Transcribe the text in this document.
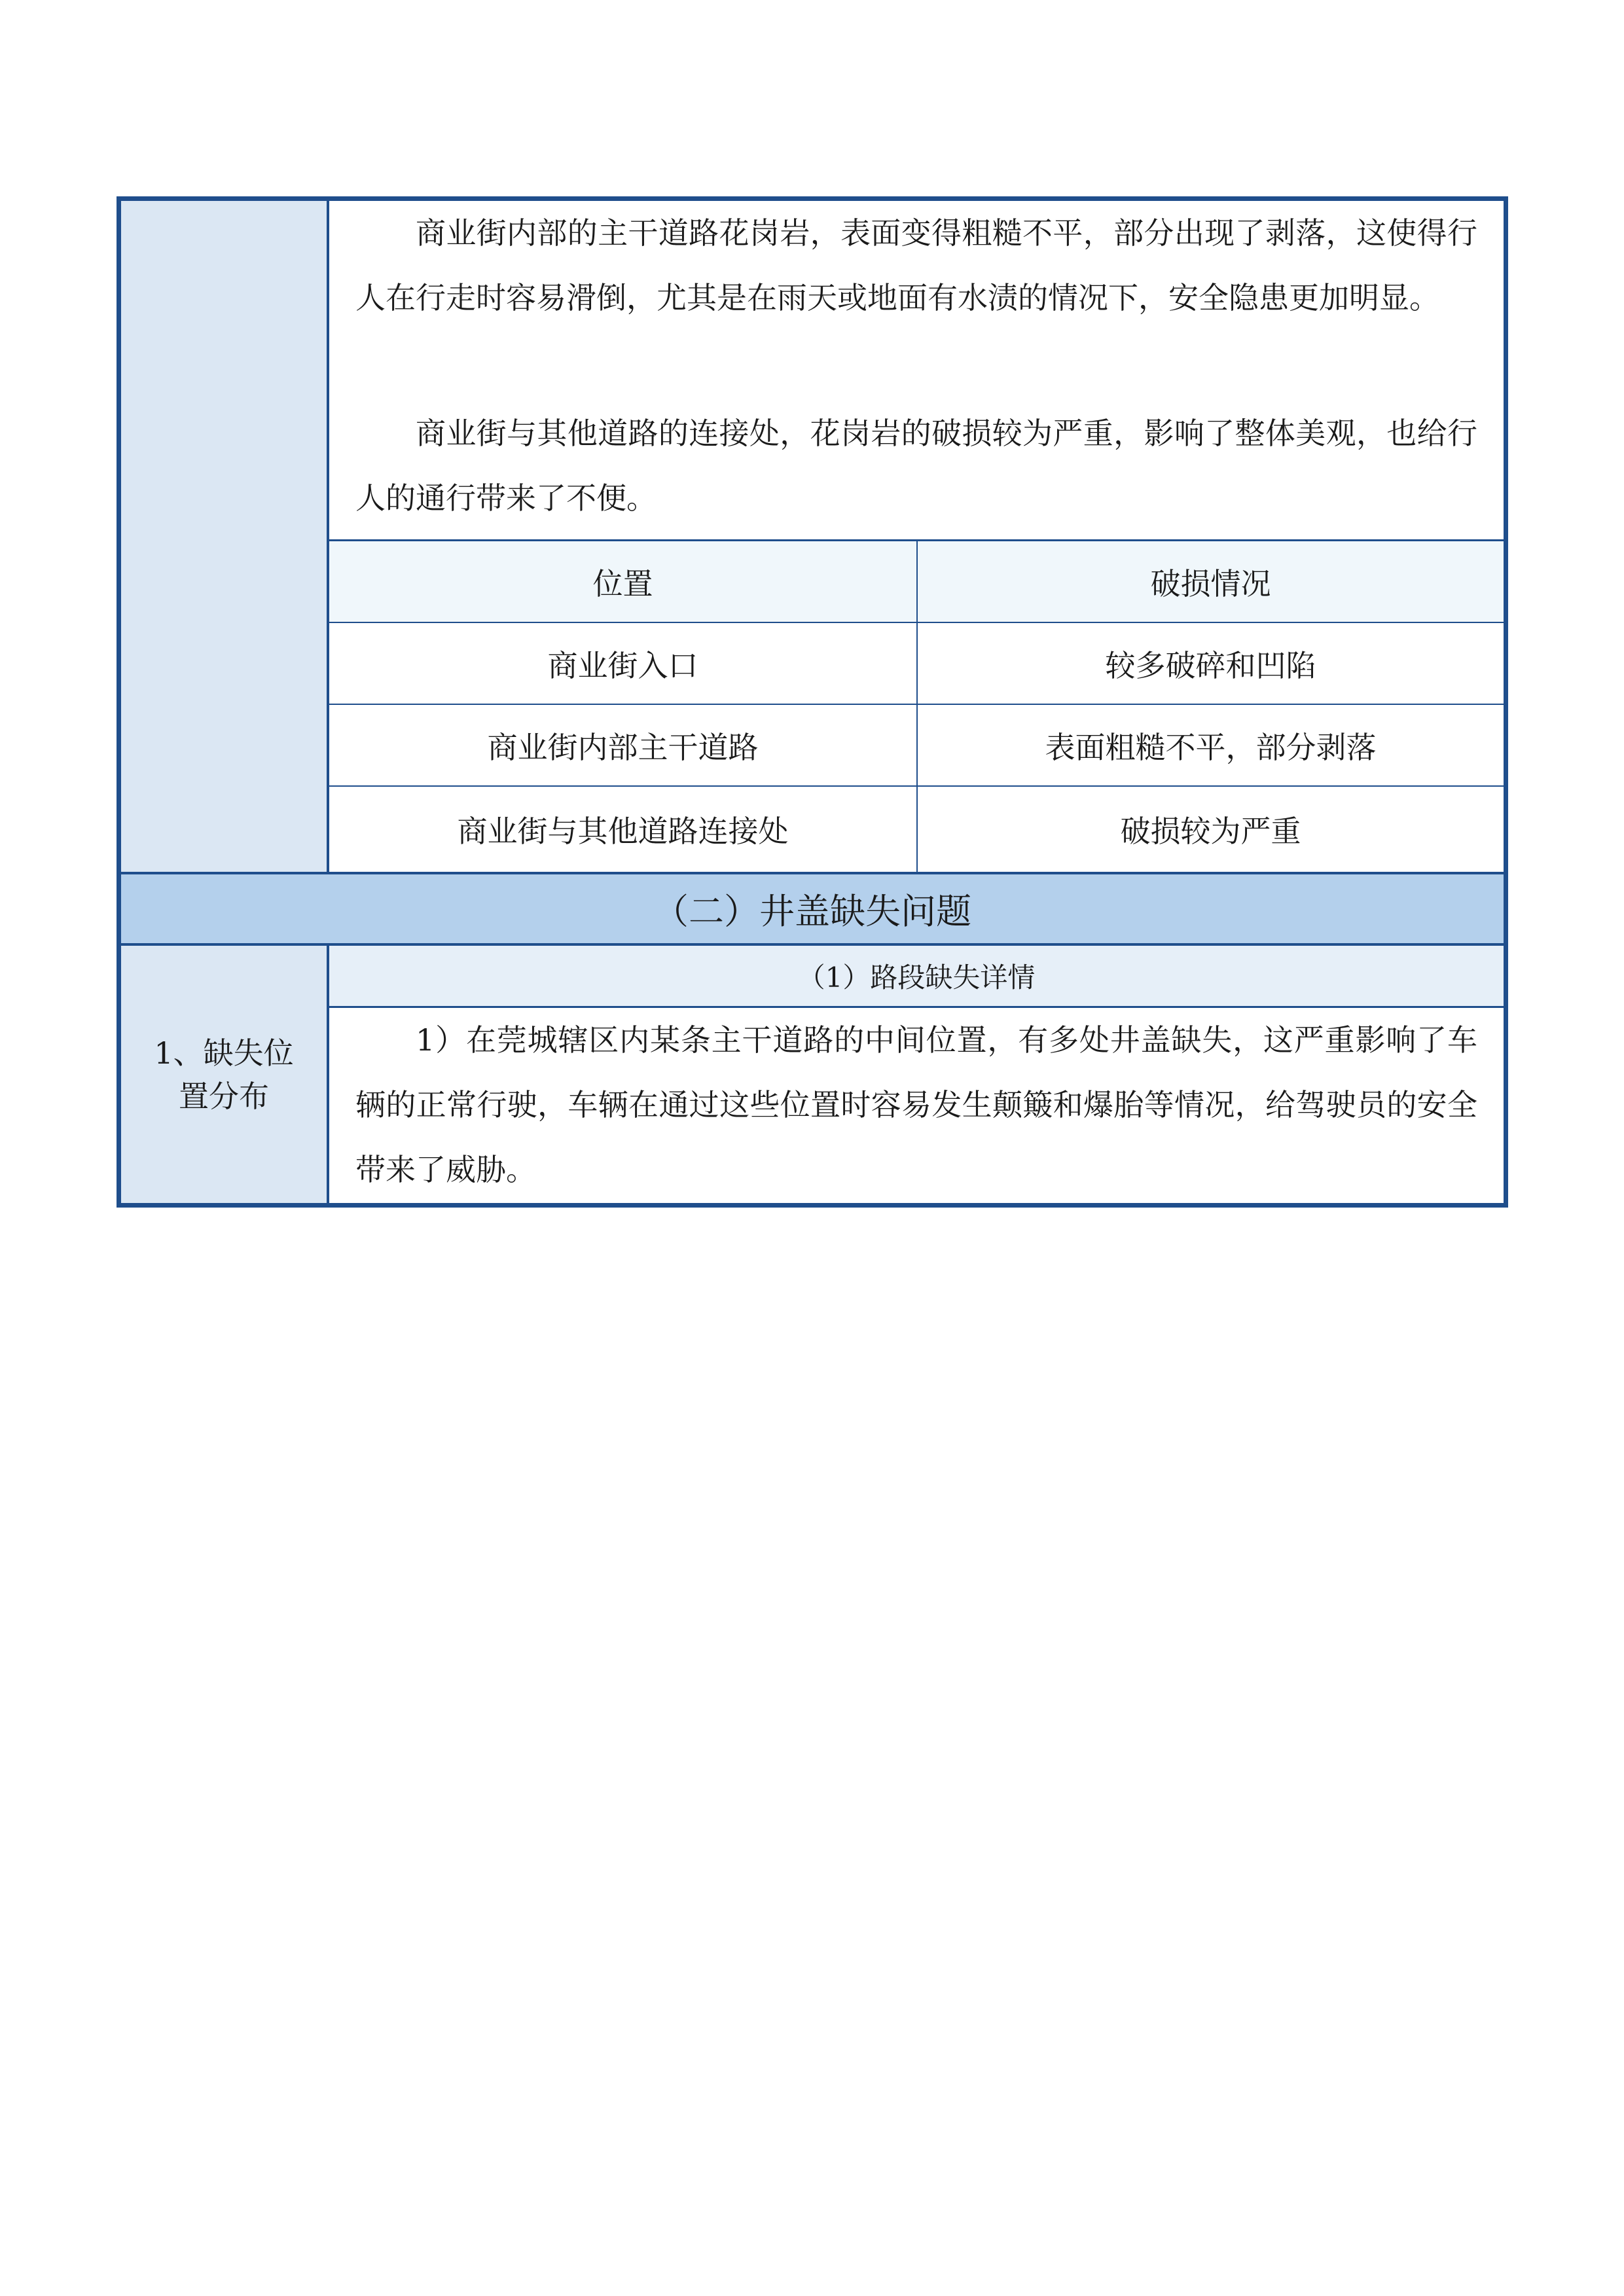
商业街内部的主干道路花岗岩，表面变得粗糙不平，部分出现了剥落，这使得行人在行走时容易滑倒，尤其是在雨天或地面有水渍的情况下，安全隐患更加明显。

商业街与其他道路的连接处，花岗岩的破损较为严重，影响了整体美观，也给行人的通行带来了不便。

位置	破损情况
商业街入口	较多破碎和凹陷
商业街内部主干道路	表面粗糙不平，部分剥落
商业街与其他道路连接处	破损较为严重
（二）井盖缺失问题
1、缺失位置分布
（1）路段缺失详情

1）在莞城辖区内某条主干道路的中间位置，有多处井盖缺失，这严重影响了车辆的正常行驶，车辆在通过这些位置时容易发生颠簸和爆胎等情况，给驾驶员的安全带来了威胁。
